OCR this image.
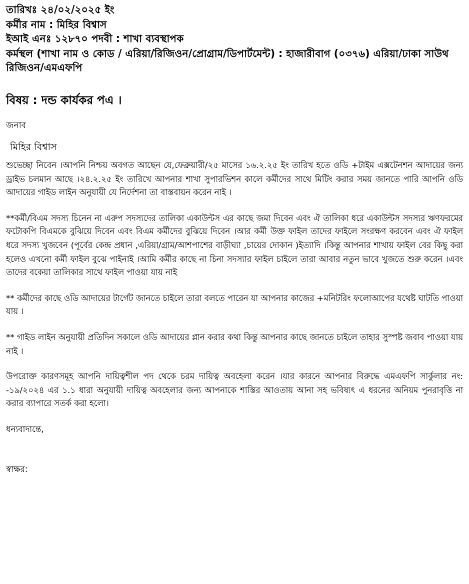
তারিখঃ ২৪/০২/২০২৫ ইং

কর্মীর নাম : মিহির বিশ্বাস

ইআই এনঃ ১২৮৭০ পদবী : শাখা ব্যবস্থাপক

কর্মস্থল (শাখা নাম ও কোড / এরিয়া/রিজিওন/প্রোগ্রাম/ডিপার্টমেন্ট) : হাজারীবাগ (০৩৭৬) এরিয়া/ঢাকা সাউথ রিজিওন/এমএফপি

বিষয় : দন্ড কার্যকর পএ ।

জনাব

মিহির বিশ্বাস

শুভেচ্ছা নিবেন ।আপনি নিশ্চয় অবগত আছেন যে,ফেব্রুয়ারী/২৫ মাসের ১৬.২.২৫ ইং তারিখ হতে ওডি +টাইম এক্সটেনশন আদায়ের জন্য ড্রাইভ চলমান আছে ।২৪.২.২৫ ইং তারিখে আপনার শাখা সুপারভিশন কালে কর্মীদের সাথে মিটিং করার সময় জানতে পারি আপনি ওডি আদায়ের গাইড লাইন অনুযায়ী যে নির্দেশনা তা বাস্তবায়ন করেন নাই ।

**কর্মী/বিএম সদস্য চিনেন না এরুপ সদস্যদের তালিকা একাউন্টস এর কাছে জমা দিবেন এবং ঐ তালিকা ধরে একাউন্টস সদস্যর ঋণফরমের ফটোকপি বিএমকে বুঝিয়ে দিবেন এবং বিএম কর্মীদের বুঝিয়ে দিবেন ।আর কর্মী উক্ত ফাইল তাদের ফাইলে সংরক্ষণ করবেন এবং ঐ ফাইল ধরে সদস্য খুজবেন (পূর্বের কেন্দ্র প্রধান ,এরিয়া/গ্রাম/আশপাশের বাড়ীঘ্যা ,চায়ের দোকান )ইত্যাদি ।কিন্তু আপনার শাখায় ফাইল বের কিছু করা হলেও এখনো কর্মী ফাইল বুঝে পাইনাই ।আমি কর্মীর কাছে না চিনা সদস্যার ফাইল চাইলে তারা আবার নতুন ভাবে খুজতে শুরু করেন ।এবং তাদের বকেয়া তালিকার সাথে ফাইল পাওয়া যায় নাই

** কর্মীদের কাছে ওডি আদায়ের টার্গেট জানতে চাইলে তারা বলতে পারেন যা আপনার কাজের +মনিটরিং ফলোআপের যথেষ্ট ঘাটতি পাওয়া যায় ।

** গাইড লাইন অনুযায়ী প্রতিদিন সকালে ওডি আদায়ের প্লান করার কথা কিন্তু আপনার কাছে জানতে চাইলে তাহার সুস্পষ্ট জবাব পাওয়া যায় নাই ।

উপরোক্ত কারণসমূহ আপনি দায়িত্বশীল পদ থেকে চরম দায়িত্ব অবহেলা করেন ।যার কারনে আপনার বিরুদ্ধে এমএফপি সার্কুলার নং: -১৯/২০২৪ এর ১.১ ধারা অনুযায়ী দায়িত্ব অবহেলার জন্য আপনাকে শাস্তির আওতায় আনা সহ ভবিষ্যৎ এ ধরনের অনিয়ম পুনরাবৃত্তি না করার ব্যাপারে সতর্ক করা হলো।

ধন্যবাদান্তে,

স্বাক্ষর:
